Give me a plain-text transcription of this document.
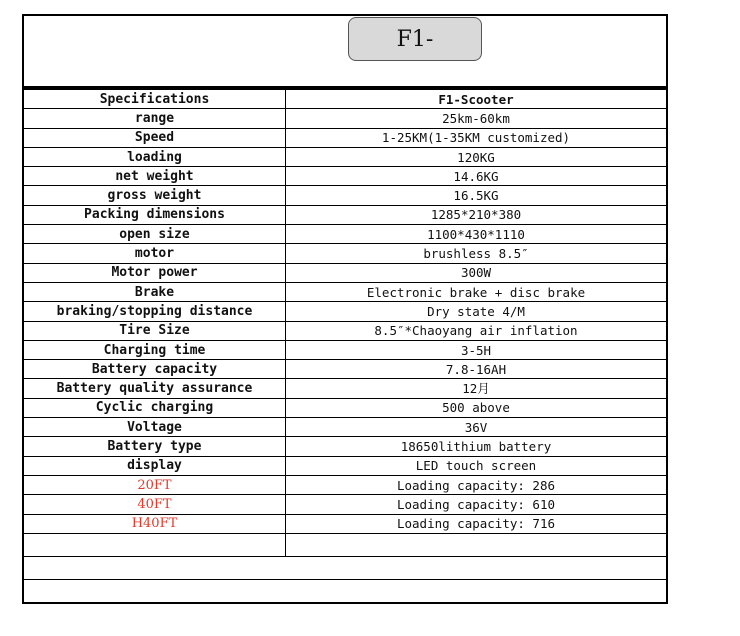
F1-
Specifications	F1-Scooter
range	25km-60km
Speed	1-25KM(1-35KM customized)
loading	120KG
net weight	14.6KG
gross weight	16.5KG
Packing dimensions	1285*210*380
open size	1100*430*1110
motor	brushless 8.5″
Motor power	300W
Brake	Electronic brake + disc brake
braking/stopping distance	Dry state 4/M
Tire Size	8.5″*Chaoyang air inflation
Charging time	3-5H
Battery capacity	7.8-16AH
Battery quality assurance	12月
Cyclic charging	500 above
Voltage	36V
Battery type	18650lithium battery
display	LED touch screen
20FT	Loading capacity: 286
40FT	Loading capacity: 610
H40FT	Loading capacity: 716
